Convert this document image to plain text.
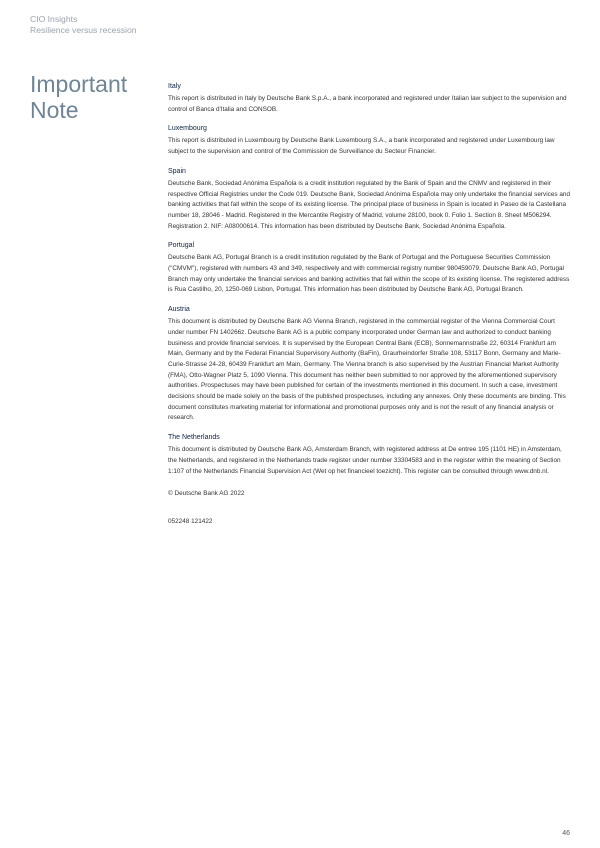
CIO Insights
Resilience versus recession
Important
Note
Italy

This report is distributed in Italy by Deutsche Bank S.p.A., a bank incorporated and registered under Italian law subject to the supervision and control of Banca d'Italia and CONSOB.

Luxembourg

This report is distributed in Luxembourg by Deutsche Bank Luxembourg S.A., a bank incorporated and registered under Luxembourg law subject to the supervision and control of the Commission de Surveillance du Secteur Financier.

Spain

Deutsche Bank, Sociedad Anónima Española is a credit institution regulated by the Bank of Spain and the CNMV and registered in their respective Official Registries under the Code 019. Deutsche Bank, Sociedad Anónima Española may only undertake the financial services and banking activities that fall within the scope of its existing license. The principal place of business in Spain is located in Paseo de la Castellana number 18, 28046 - Madrid. Registered in the Mercantile Registry of Madrid, volume 28100, book 0. Folio 1. Section 8. Sheet M506294. Registration 2. NIF: A08000614. This information has been distributed by Deutsche Bank, Sociedad Anónima Española.

Portugal

Deutsche Bank AG, Portugal Branch is a credit institution regulated by the Bank of Portugal and the Portuguese Securities Commission ("CMVM"), registered with numbers 43 and 349, respectively and with commercial registry number 980459079. Deutsche Bank AG, Portugal Branch may only undertake the financial services and banking activities that fall within the scope of its existing license. The registered address is Rua Castilho, 20, 1250-069 Lisbon, Portugal. This information has been distributed by Deutsche Bank AG, Portugal Branch.

Austria

This document is distributed by Deutsche Bank AG Vienna Branch, registered in the commercial register of the Vienna Commercial Court under number FN 140266z. Deutsche Bank AG is a public company incorporated under German law and authorized to conduct banking business and provide financial services. It is supervised by the European Central Bank (ECB), Sonnemannstraße 22, 60314 Frankfurt am Main, Germany and by the Federal Financial Supervisory Authority (BaFin), Graurheindorfer Straße 108, 53117 Bonn, Germany and Marie-Curie-Strasse 24-28, 60439 Frankfurt am Main, Germany. The Vienna branch is also supervised by the Austrian Financial Market Authority (FMA), Otto-Wagner Platz 5, 1090 Vienna. This document has neither been submitted to nor approved by the aforementioned supervisory authorities. Prospectuses may have been published for certain of the investments mentioned in this document. In such a case, investment decisions should be made solely on the basis of the published prospectuses, including any annexes. Only these documents are binding. This document constitutes marketing material for informational and promotional purposes only and is not the result of any financial analysis or research.

The Netherlands

This document is distributed by Deutsche Bank AG, Amsterdam Branch, with registered address at De entree 195 (1101 HE) in Amsterdam, the Netherlands, and registered in the Netherlands trade register under number 33304583 and in the register within the meaning of Section 1:107 of the Netherlands Financial Supervision Act (Wet op het financieel toezicht). This register can be consulted through www.dnb.nl.

© Deutsche Bank AG 2022
052248 121422
46
